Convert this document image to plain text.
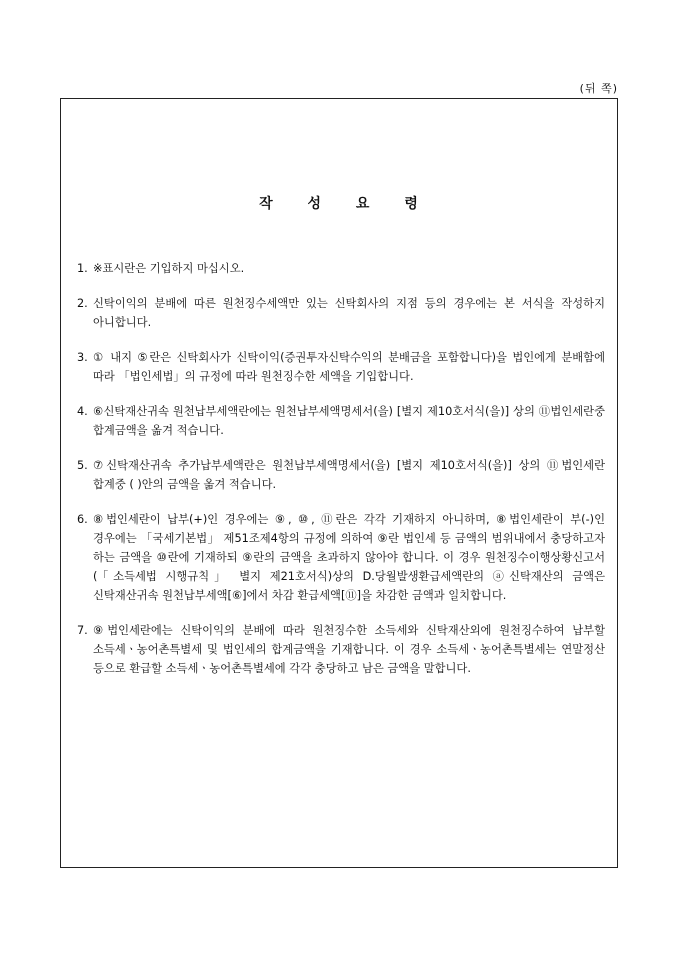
(뒤 쪽)
작 성 요 령
1. ※표시란은 기입하지 마십시오.
2. 신탁이익의 분배에 따른 원천징수세액만 있는 신탁회사의 지점 등의 경우에는 본 서식을 작성하지 아니합니다.
3. ① 내지 ⑤란은 신탁회사가 신탁이익(증권투자신탁수익의 분배금을 포함합니다)을 법인에게 분배함에 따라 「법인세법」의 규정에 따라 원천징수한 세액을 기입합니다.
4. ⑥신탁재산귀속 원천납부세액란에는 원천납부세액명세서(을) [별지 제10호서식(을)] 상의 ⑪법인세란중 합계금액을 옮겨 적습니다.
5. ⑦신탁재산귀속 추가납부세액란은 원천납부세액명세서(을) [별지 제10호서식(을)] 상의 ⑪법인세란 합계중 ( )안의 금액을 옮겨 적습니다.
6. ⑧법인세란이 납부(+)인 경우에는 ⑨, ⑩, ⑪란은 각각 기재하지 아니하며, ⑧법인세란이 부(-)인 경우에는 「국세기본법」 제51조제4항의 규정에 의하여 ⑨란 법인세 등 금액의 범위내에서 충당하고자 하는 금액을 ⑩란에 기재하되 ⑨란의 금액을 초과하지 않아야 합니다. 이 경우 원천징수이행상황신고서(「소득세법 시행규칙」 별지 제21호서식)상의 D.당월발생환급세액란의 ⓐ신탁재산의 금액은 신탁재산귀속 원천납부세액[⑥]에서 차감 환급세액[⑪]을 차감한 금액과 일치합니다.
7. ⑨법인세란에는 신탁이익의 분배에 따라 원천징수한 소득세와 신탁재산외에 원천징수하여 납부할 소득세ㆍ농어촌특별세 및 법인세의 합계금액을 기재합니다. 이 경우 소득세ㆍ농어촌특별세는 연말정산 등으로 환급할 소득세ㆍ농어촌특별세에 각각 충당하고 남은 금액을 말합니다.
